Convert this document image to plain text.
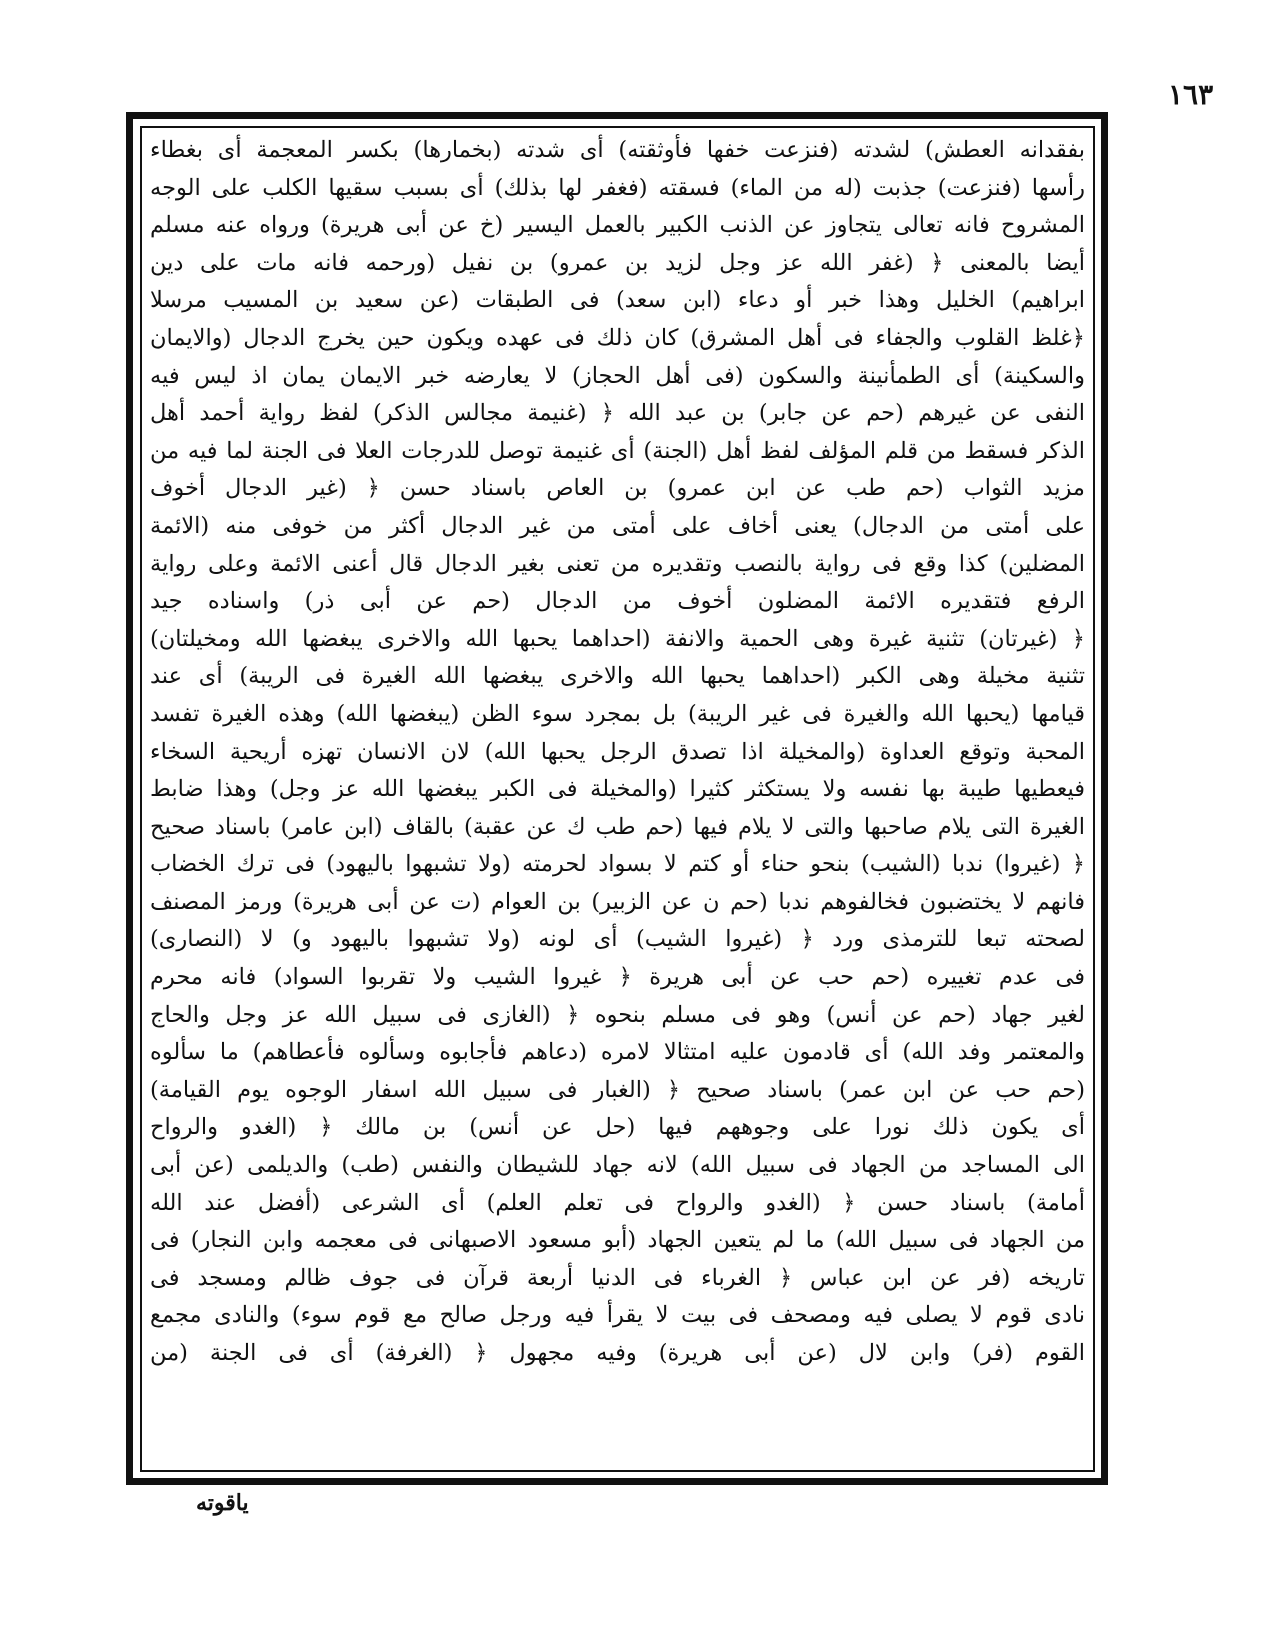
١٦٣
بفقدانه العطش) لشدته (فنزعت خفها فأوثقته) أى شدته (بخمارها) بكسر المعجمة أى بغطاء
رأسها (فنزعت) جذبت (له من الماء) فسقته (فغفر لها بذلك) أى بسبب سقيها الكلب على الوجه
المشروح فانه تعالى يتجاوز عن الذنب الكبير بالعمل اليسير (خ عن أبى هريرة) ورواه عنه مسلم
أيضا بالمعنى ﴿ (غفر الله عز وجل لزيد بن عمرو) بن نفيل (ورحمه فانه مات على دين
ابراهيم) الخليل وهذا خبر أو دعاء (ابن سعد) فى الطبقات (عن سعيد بن المسيب مرسلا
﴿غلظ القلوب والجفاء فى أهل المشرق) كان ذلك فى عهده ويكون حين يخرج الدجال (والايمان
والسكينة) أى الطمأنينة والسكون (فى أهل الحجاز) لا يعارضه خبر الايمان يمان اذ ليس فيه
النفى عن غيرهم (حم عن جابر) بن عبد الله ﴿ (غنيمة مجالس الذكر) لفظ رواية أحمد أهل
الذكر فسقط من قلم المؤلف لفظ أهل (الجنة) أى غنيمة توصل للدرجات العلا فى الجنة لما فيه من
مزيد الثواب (حم طب عن ابن عمرو) بن العاص باسناد حسن ﴿ (غير الدجال أخوف
على أمتى من الدجال) يعنى أخاف على أمتى من غير الدجال أكثر من خوفى منه (الائمة
المضلين) كذا وقع فى رواية بالنصب وتقديره من تعنى بغير الدجال قال أعنى الائمة وعلى رواية
الرفع فتقديره الائمة المضلون أخوف من الدجال (حم عن أبى ذر) واسناده جيد
﴿ (غيرتان) تثنية غيرة وهى الحمية والانفة (احداهما يحبها الله والاخرى يبغضها الله ومخيلتان)
تثنية مخيلة وهى الكبر (احداهما يحبها الله والاخرى يبغضها الله الغيرة فى الريبة) أى عند
قيامها (يحبها الله والغيرة فى غير الريبة) بل بمجرد سوء الظن (يبغضها الله) وهذه الغيرة تفسد
المحبة وتوقع العداوة (والمخيلة اذا تصدق الرجل يحبها الله) لان الانسان تهزه أريحية السخاء
فيعطيها طيبة بها نفسه ولا يستكثر كثيرا (والمخيلة فى الكبر يبغضها الله عز وجل) وهذا ضابط
الغيرة التى يلام صاحبها والتى لا يلام فيها (حم طب ك عن عقبة) بالقاف (ابن عامر) باسناد صحيح
﴿ (غيروا) ندبا (الشيب) بنحو حناء أو كتم لا بسواد لحرمته (ولا تشبهوا باليهود) فى ترك الخضاب
فانهم لا يختضبون فخالفوهم ندبا (حم ن عن الزبير) بن العوام (ت عن أبى هريرة) ورمز المصنف
لصحته تبعا للترمذى ورد ﴿ (غيروا الشيب) أى لونه (ولا تشبهوا باليهود و) لا (النصارى)
فى عدم تغييره (حم حب عن أبى هريرة ﴿ غيروا الشيب ولا تقربوا السواد) فانه محرم
لغير جهاد (حم عن أنس) وهو فى مسلم بنحوه ﴿ (الغازى فى سبيل الله عز وجل والحاج
والمعتمر وفد الله) أى قادمون عليه امتثالا لامره (دعاهم فأجابوه وسألوه فأعطاهم) ما سألوه
(حم حب عن ابن عمر) باسناد صحيح ﴿ (الغبار فى سبيل الله اسفار الوجوه يوم القيامة)
أى يكون ذلك نورا على وجوههم فيها (حل عن أنس) بن مالك ﴿ (الغدو والرواح
الى المساجد من الجهاد فى سبيل الله) لانه جهاد للشيطان والنفس (طب) والديلمى (عن أبى
أمامة) باسناد حسن ﴿ (الغدو والرواح فى تعلم العلم) أى الشرعى (أفضل عند الله
من الجهاد فى سبيل الله) ما لم يتعين الجهاد (أبو مسعود الاصبهانى فى معجمه وابن النجار) فى
تاريخه (فر عن ابن عباس ﴿ الغرباء فى الدنيا أربعة قرآن فى جوف ظالم ومسجد فى
نادى قوم لا يصلى فيه ومصحف فى بيت لا يقرأ فيه ورجل صالح مع قوم سوء) والنادى مجمع
القوم (فر) وابن لال (عن أبى هريرة) وفيه مجهول ﴿ (الغرفة) أى فى الجنة (من
ياقوته
